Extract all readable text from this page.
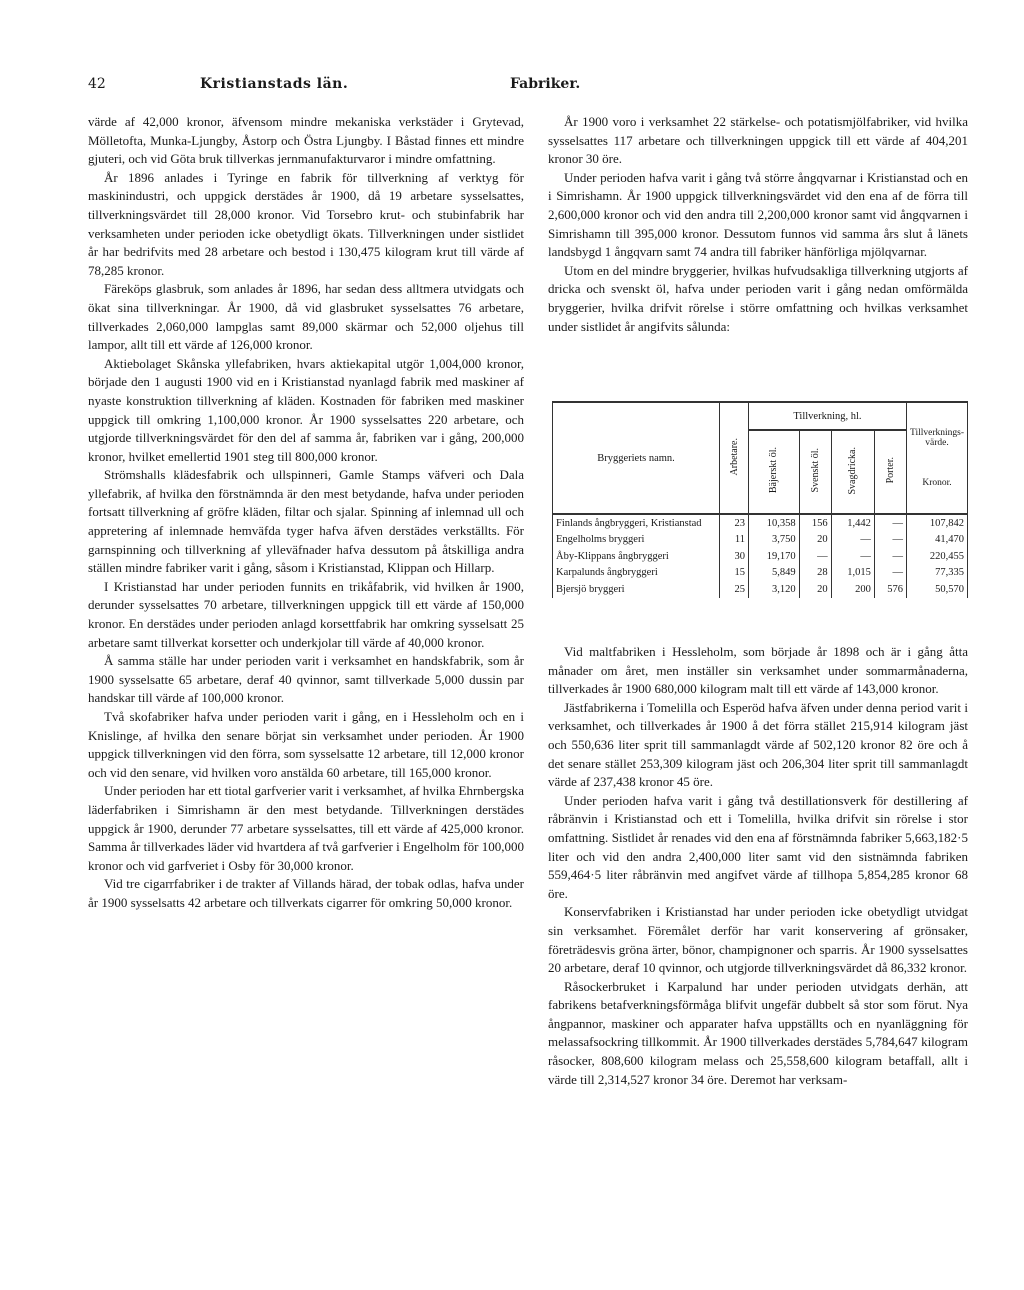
42	Kristianstads län.	Fabriker.

värde af 42,000 kronor, äfvensom mindre mekaniska verkstäder i Grytevad, Mölletofta, Munka-Ljungby, Åstorp och Östra Ljungby. I Båstad finnes ett mindre gjuteri, och vid Göta bruk tillverkas jernmanufakturvaror i mindre omfattning.

År 1896 anlades i Tyringe en fabrik för tillverkning af verktyg för maskinindustri, och uppgick derstädes år 1900, då 19 arbetare sysselsattes, tillverkningsvärdet till 28,000 kronor. Vid Torsebro krut- och stubinfabrik har verksamheten under perioden icke obetydligt ökats. Tillverkningen under sistlidet år har bedrifvits med 28 arbetare och bestod i 130,475 kilogram krut till värde af 78,285 kronor.

Färeköps glasbruk, som anlades år 1896, har sedan dess alltmera utvidgats och ökat sina tillverkningar. År 1900, då vid glasbruket sysselsattes 76 arbetare, tillverkades 2,060,000 lampglas samt 89,000 skärmar och 52,000 oljehus till lampor, allt till ett värde af 126,000 kronor.

Aktiebolaget Skånska yllefabriken, hvars aktiekapital utgör 1,004,000 kronor, började den 1 augusti 1900 vid en i Kristianstad nyanlagd fabrik med maskiner af nyaste konstruktion tillverkning af kläden. Kostnaden för fabriken med maskiner uppgick till omkring 1,100,000 kronor. År 1900 sysselsattes 220 arbetare, och utgjorde tillverkningsvärdet för den del af samma år, fabriken var i gång, 200,000 kronor, hvilket emellertid 1901 steg till 800,000 kronor.

Strömshalls klädesfabrik och ullspinneri, Gamle Stamps väfveri och Dala yllefabrik, af hvilka den förstnämnda är den mest betydande, hafva under perioden fortsatt tillverkning af gröfre kläden, filtar och sjalar. Spinning af inlemnad ull och appretering af inlemnade hemväfda tyger hafva äfven derstädes verkställts. För garnspinning och tillverkning af ylleväfnader hafva dessutom på åtskilliga andra ställen mindre fabriker varit i gång, såsom i Kristianstad, Klippan och Hillarp.

I Kristianstad har under perioden funnits en trikåfabrik, vid hvilken år 1900, derunder sysselsattes 70 arbetare, tillverkningen uppgick till ett värde af 150,000 kronor. En derstädes under perioden anlagd korsettfabrik har omkring sysselsatt 25 arbetare samt tillverkat korsetter och underkjolar till värde af 40,000 kronor.

Å samma ställe har under perioden varit i verksamhet en handskfabrik, som år 1900 sysselsatte 65 arbetare, deraf 40 qvinnor, samt tillverkade 5,000 dussin par handskar till värde af 100,000 kronor.

Två skofabriker hafva under perioden varit i gång, en i Hessleholm och en i Knislinge, af hvilka den senare börjat sin verksamhet under perioden. År 1900 uppgick tillverkningen vid den förra, som sysselsatte 12 arbetare, till 12,000 kronor och vid den senare, vid hvilken voro anstälda 60 arbetare, till 165,000 kronor.

Under perioden har ett tiotal garfverier varit i verksamhet, af hvilka Ehrnbergska läderfabriken i Simrishamn är den mest betydande. Tillverkningen derstädes uppgick år 1900, derunder 77 arbetare sysselsattes, till ett värde af 425,000 kronor. Samma år tillverkades läder vid hvartdera af två garfverier i Engelholm för 100,000 kronor och vid garfveriet i Osby för 30,000 kronor.

Vid tre cigarrfabriker i de trakter af Villands härad, der tobak odlas, hafva under år 1900 sysselsatts 42 arbetare och tillverkats cigarrer för omkring 50,000 kronor.

År 1900 voro i verksamhet 22 stärkelse- och potatismjölfabriker, vid hvilka sysselsattes 117 arbetare och tillverkningen uppgick till ett värde af 404,201 kronor 30 öre.

Under perioden hafva varit i gång två större ångqvarnar i Kristianstad och en i Simrishamn. År 1900 uppgick tillverkningsvärdet vid den ena af de förra till 2,600,000 kronor och vid den andra till 2,200,000 kronor samt vid ångqvarnen i Simrishamn till 395,000 kronor. Dessutom funnos vid samma års slut å länets landsbygd 1 ångqvarn samt 74 andra till fabriker hänförliga mjölqvarnar.

Utom en del mindre bryggerier, hvilkas hufvudsakliga tillverkning utgjorts af dricka och svenskt öl, hafva under perioden varit i gång nedan omförmälda bryggerier, hvilka drifvit rörelse i större omfattning och hvilkas verksamhet under sistlidet år angifvits sålunda:

Bryggeriets namn.	Arbetare.	Tillverkning, hl.				Tillverknings-värde.
Kronor.

		Bäjerskt öl.	Svenskt öl.	Svagdricka.	Porter.	
Finlands ångbryggeri, Kristianstad	23	10,358	156	1,442	—	107,842
Engelholms bryggeri	11	3,750	20	—	—	41,470
Åby-Klippans ångbryggeri	30	19,170	—	—	—	220,455
Karpalunds ångbryggeri	15	5,849	28	1,015	—	77,335
Bjersjö bryggeri	25	3,120	20	200	576	50,570

Vid maltfabriken i Hessleholm, som började år 1898 och är i gång åtta månader om året, men inställer sin verksamhet under sommarmånaderna, tillverkades år 1900 680,000 kilogram malt till ett värde af 143,000 kronor.

Jästfabrikerna i Tomelilla och Esperöd hafva äfven under denna period varit i verksamhet, och tillverkades år 1900 å det förra stället 215,914 kilogram jäst och 550,636 liter sprit till sammanlagdt värde af 502,120 kronor 82 öre och å det senare stället 253,309 kilogram jäst och 206,304 liter sprit till sammanlagdt värde af 237,438 kronor 45 öre.

Under perioden hafva varit i gång två destillationsverk för destillering af råbränvin i Kristianstad och ett i Tomelilla, hvilka drifvit sin rörelse i stor omfattning. Sistlidet år renades vid den ena af förstnämnda fabriker 5,663,182·5 liter och vid den andra 2,400,000 liter samt vid den sistnämnda fabriken 559,464·5 liter råbränvin med angifvet värde af tillhopa 5,854,285 kronor 68 öre.

Konservfabriken i Kristianstad har under perioden icke obetydligt utvidgat sin verksamhet. Föremålet derför har varit konservering af grönsaker, företrädesvis gröna ärter, bönor, champignoner och sparris. År 1900 sysselsattes 20 arbetare, deraf 10 qvinnor, och utgjorde tillverkningsvärdet då 86,332 kronor.

Råsockerbruket i Karpalund har under perioden utvidgats derhän, att fabrikens betafverkningsförmåga blifvit ungefär dubbelt så stor som förut. Nya ångpannor, maskiner och apparater hafva uppställts och en nyanläggning för melassafsockring tillkommit. År 1900 tillverkades derstädes 5,784,647 kilogram råsocker, 808,600 kilogram melass och 25,558,600 kilogram betaffall, allt i värde till 2,314,527 kronor 34 öre. Deremot har verksam-
